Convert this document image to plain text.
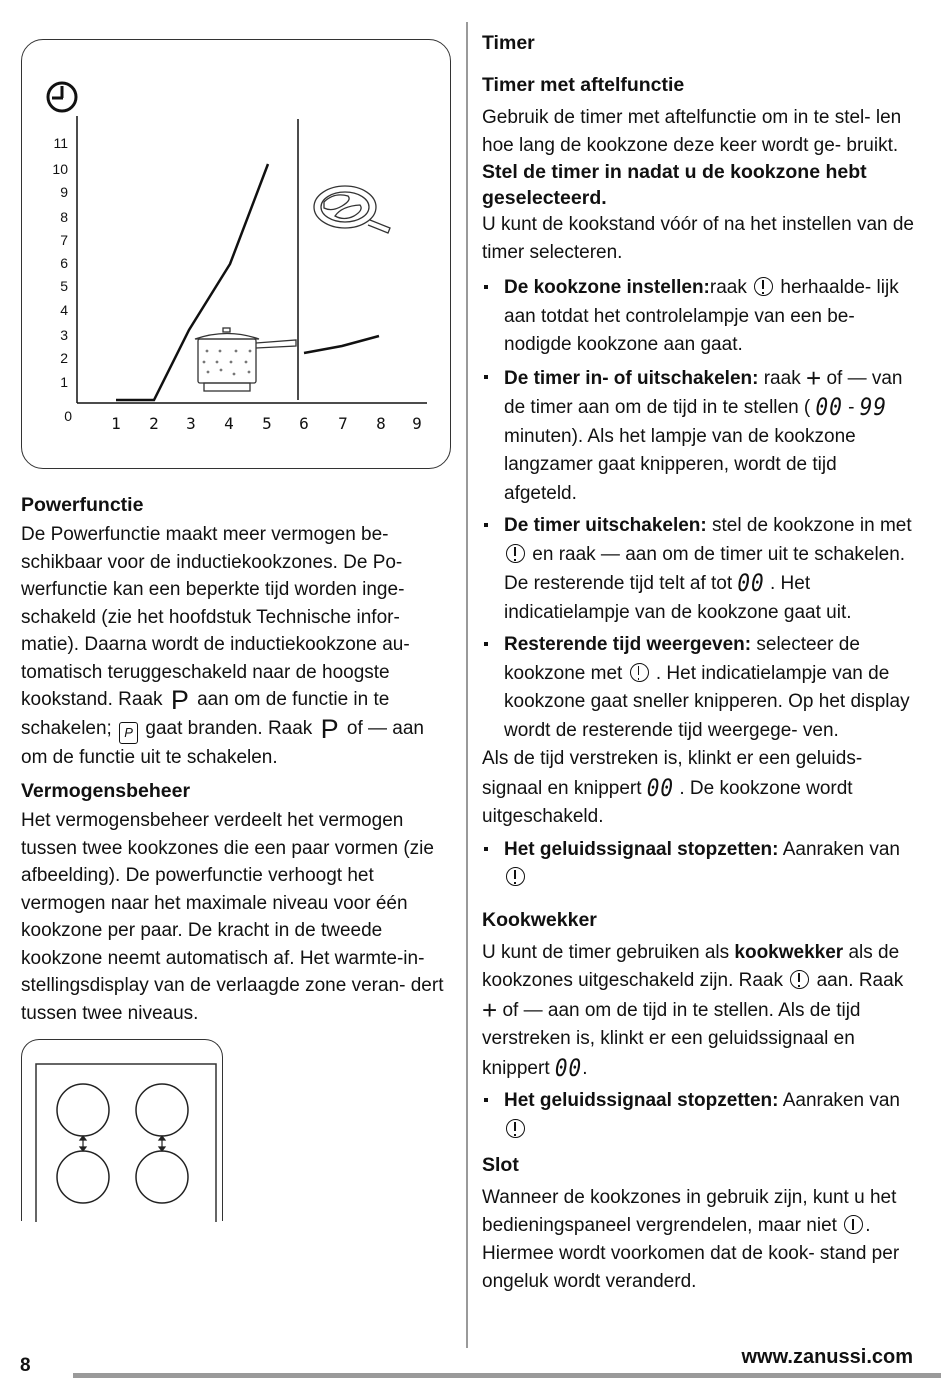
11
10
9
8
7
6
5
4
3
2
1
0 1 2 3 4 5 6 7 8 9
Powerfunctie

De Powerfunctie maakt meer vermogen be- schikbaar voor de inductiekookzones. De Po- werfunctie kan een beperkte tijd worden inge- schakeld (zie het hoofdstuk Technische infor- matie). Daarna wordt de inductiekookzone au- tomatisch teruggeschakeld naar de hoogste kookstand. Raak P aan om de functie in te schakelen; P gaat branden. Raak P of — aan om de functie uit te schakelen.

Vermogensbeheer

Het vermogensbeheer verdeelt het vermogen tussen twee kookzones die een paar vormen (zie afbeelding). De powerfunctie verhoogt het vermogen naar het maximale niveau voor één kookzone per paar. De kracht in de tweede kookzone neemt automatisch af. Het warmte-in- stellingsdisplay van de verlaagde zone veran- dert tussen twee niveaus.

Timer
Timer met aftelfunctie

Gebruik de timer met aftelfunctie om in te stel- len hoe lang de kookzone deze keer wordt ge- bruikt.

Stel de timer in nadat u de kookzone hebt geselecteerd.

U kunt de kookstand vóór of na het instellen van de timer selecteren.

De kookzone instellen:raak herhaalde- lijk aan totdat het controlelampje van een be- nodigde kookzone aan gaat.
De timer in- of uitschakelen: raak + of — van de timer aan om de tijd in te stellen ( 00 - 99 minuten). Als het lampje van de kookzone langzamer gaat knipperen, wordt de tijd afgeteld.
De timer uitschakelen: stel de kookzone in met  en raak — aan om de timer uit te schakelen. De resterende tijd telt af tot 00 . Het indicatielampje van de kookzone gaat uit.
Resterende tijd weergeven: selecteer de kookzone met . Het indicatielampje van de kookzone gaat sneller knipperen. Op het display wordt de resterende tijd weergege- ven.

Als de tijd verstreken is, klinkt er een geluids- signaal en knippert 00 . De kookzone wordt uitgeschakeld.

Het geluidssignaal stopzetten: Aanraken van
Kookwekker

U kunt de timer gebruiken als kookwekker als de kookzones uitgeschakeld zijn. Raak aan. Raak + of — aan om de tijd in te stellen. Als de tijd verstreken is, klinkt er een geluidssignaal en knippert 00.

Het geluidssignaal stopzetten: Aanraken van
Slot

Wanneer de kookzones in gebruik zijn, kunt u het bedieningspaneel vergrendelen, maar niet . Hiermee wordt voorkomen dat de kook- stand per ongeluk wordt veranderd.

8	www.zanussi.com
